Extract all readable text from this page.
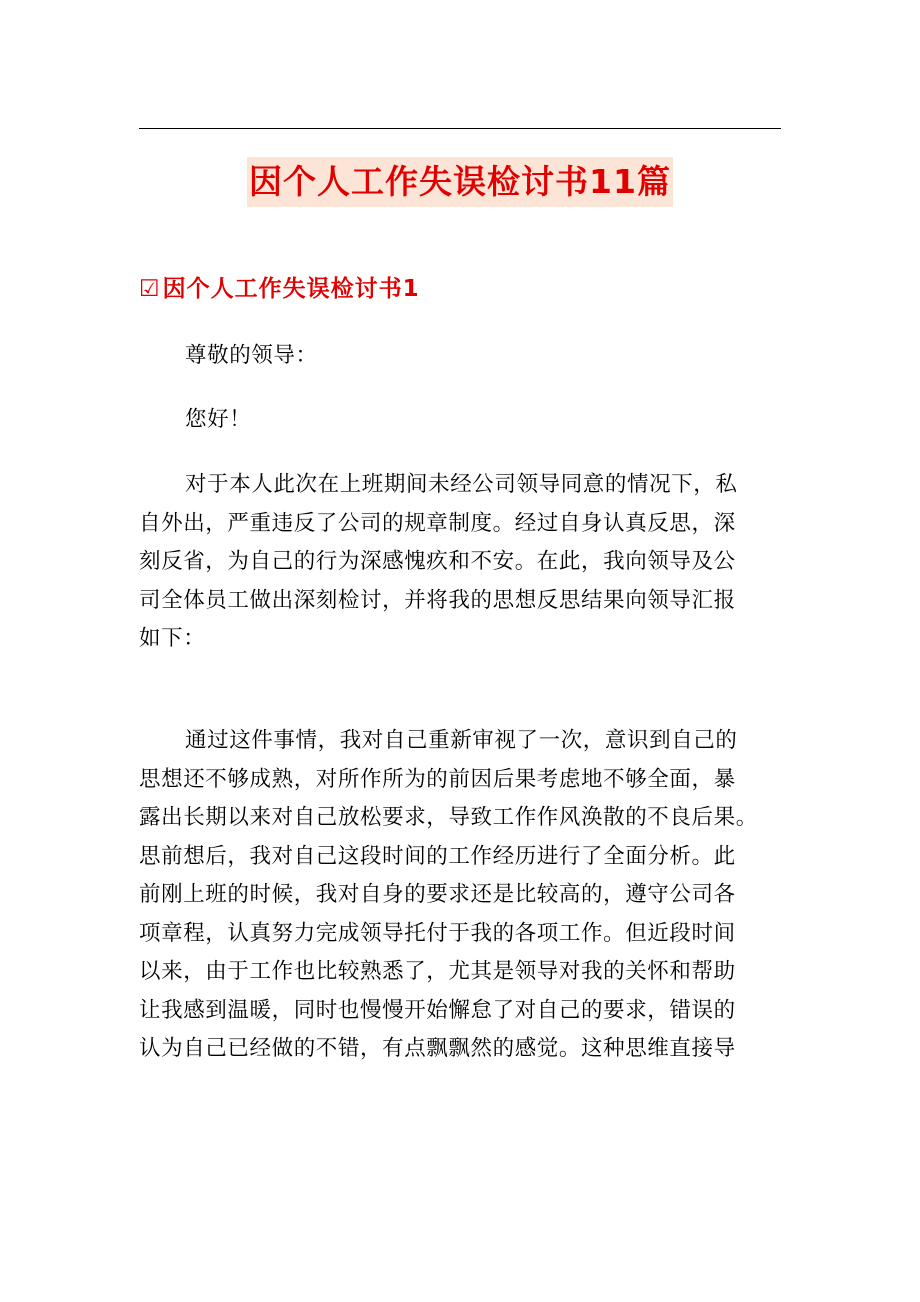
因个人工作失误检讨书11篇
☑因个人工作失误检讨书1
尊敬的领导：
您好！
对于本人此次在上班期间未经公司领导同意的情况下，私
自外出，严重违反了公司的规章制度。经过自身认真反思，深
刻反省，为自己的行为深感愧疚和不安。在此，我向领导及公
司全体员工做出深刻检讨，并将我的思想反思结果向领导汇报
如下：
通过这件事情，我对自己重新审视了一次，意识到自己的
思想还不够成熟，对所作所为的前因后果考虑地不够全面，暴
露出长期以来对自己放松要求，导致工作作风涣散的不良后果。
思前想后，我对自己这段时间的工作经历进行了全面分析。此
前刚上班的时候，我对自身的要求还是比较高的，遵守公司各
项章程，认真努力完成领导托付于我的各项工作。但近段时间
以来，由于工作也比较熟悉了，尤其是领导对我的关怀和帮助
让我感到温暖，同时也慢慢开始懈怠了对自己的要求，错误的
认为自己已经做的不错，有点飘飘然的感觉。这种思维直接导
